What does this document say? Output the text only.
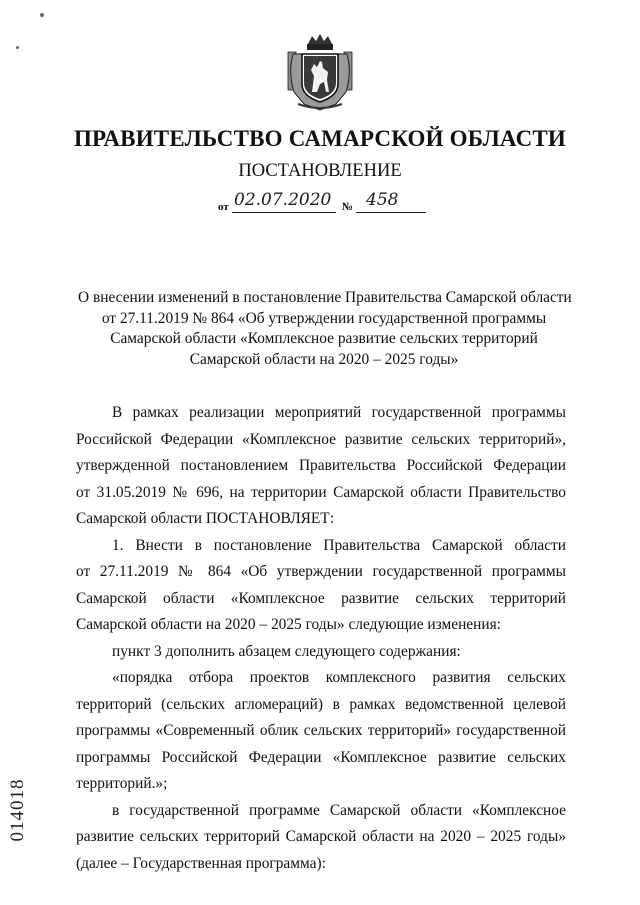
ПРАВИТЕЛЬСТВО САМАРСКОЙ ОБЛАСТИ
ПОСТАНОВЛЕНИЕ
от 02.07.2020 № 458
О внесении изменений в постановление Правительства Самарской области
от 27.11.2019 № 864 «Об утверждении государственной программы
Самарской области «Комплексное развитие сельских территорий
Самарской области на 2020 – 2025 годы»
В рамках реализации мероприятий государственной программы
Российской Федерации «Комплексное развитие сельских территорий»,
утвержденной постановлением Правительства Российской Федерации
от 31.05.2019 № 696, на территории Самарской области Правительство
Самарской области ПОСТАНОВЛЯЕТ:
1. Внести в постановление Правительства Самарской области
от 27.11.2019 № 864 «Об утверждении государственной программы
Самарской области «Комплексное развитие сельских территорий
Самарской области на 2020 – 2025 годы» следующие изменения:
пункт 3 дополнить абзацем следующего содержания:
«порядка отбора проектов комплексного развития сельских
территорий (сельских агломераций) в рамках ведомственной целевой
программы «Современный облик сельских территорий» государственной
программы Российской Федерации «Комплексное развитие сельских
территорий.»;
в государственной программе Самарской области «Комплексное
развитие сельских территорий Самарской области на 2020 – 2025 годы»
(далее – Государственная программа):
014018
